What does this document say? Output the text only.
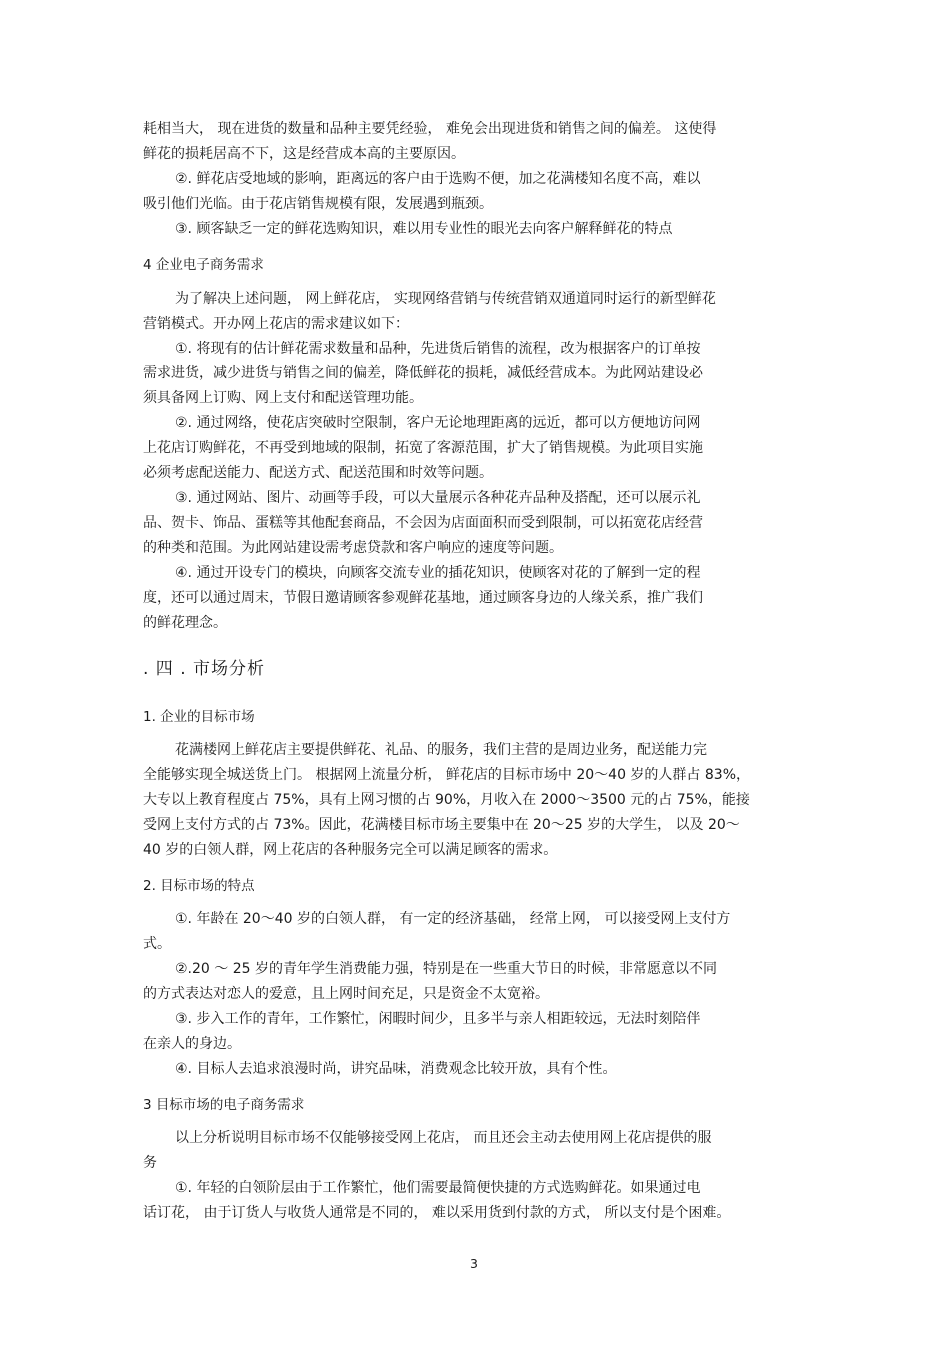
耗相当大， 现在进货的数量和品种主要凭经验， 难免会出现进货和销售之间的偏差。 这使得

鲜花的损耗居高不下，这是经营成本高的主要原因。

②. 鲜花店受地域的影响，距离远的客户由于选购不便，加之花满楼知名度不高，难以

吸引他们光临。由于花店销售规模有限，发展遇到瓶颈。

③. 顾客缺乏一定的鲜花选购知识，难以用专业性的眼光去向客户解释鲜花的特点

4 企业电子商务需求

为了解决上述问题， 网上鲜花店， 实现网络营销与传统营销双通道同时运行的新型鲜花

营销模式。开办网上花店的需求建议如下：

①. 将现有的估计鲜花需求数量和品种，先进货后销售的流程，改为根据客户的订单按

需求进货，减少进货与销售之间的偏差，降低鲜花的损耗，减低经营成本。为此网站建设必

须具备网上订购、网上支付和配送管理功能。

②. 通过网络，使花店突破时空限制，客户无论地理距离的远近，都可以方便地访问网

上花店订购鲜花，不再受到地域的限制，拓宽了客源范围，扩大了销售规模。为此项目实施

必须考虑配送能力、配送方式、配送范围和时效等问题。

③. 通过网站、图片、动画等手段，可以大量展示各种花卉品种及搭配，还可以展示礼

品、贺卡、饰品、蛋糕等其他配套商品，不会因为店面面积而受到限制，可以拓宽花店经营

的种类和范围。为此网站建设需考虑贷款和客户响应的速度等问题。

④. 通过开设专门的模块，向顾客交流专业的插花知识，使顾客对花的了解到一定的程

度，还可以通过周末，节假日邀请顾客参观鲜花基地，通过顾客身边的人缘关系，推广我们

的鲜花理念。

. 四 . 市场分析

1. 企业的目标市场

花满楼网上鲜花店主要提供鲜花、礼品、的服务，我们主营的是周边业务，配送能力完

全能够实现全城送货上门。 根据网上流量分析， 鲜花店的目标市场中 20～40 岁的人群占 83%，

大专以上教育程度占 75%，具有上网习惯的占 90%，月收入在 2000～3500 元的占 75%，能接

受网上支付方式的占 73%。因此，花满楼目标市场主要集中在 20～25 岁的大学生， 以及 20～

40 岁的白领人群，网上花店的各种服务完全可以满足顾客的需求。

2. 目标市场的特点

①. 年龄在 20～40 岁的白领人群， 有一定的经济基础， 经常上网， 可以接受网上支付方

式。

②.20 ～ 25 岁的青年学生消费能力强，特别是在一些重大节日的时候，非常愿意以不同

的方式表达对恋人的爱意，且上网时间充足，只是资金不太宽裕。

③. 步入工作的青年，工作繁忙，闲暇时间少，且多半与亲人相距较远，无法时刻陪伴

在亲人的身边。

④. 目标人去追求浪漫时尚，讲究品味，消费观念比较开放，具有个性。

3 目标市场的电子商务需求

以上分析说明目标市场不仅能够接受网上花店， 而且还会主动去使用网上花店提供的服

务

①. 年轻的白领阶层由于工作繁忙，他们需要最简便快捷的方式选购鲜花。如果通过电

话订花， 由于订货人与收货人通常是不同的， 难以采用货到付款的方式， 所以支付是个困难。

3
